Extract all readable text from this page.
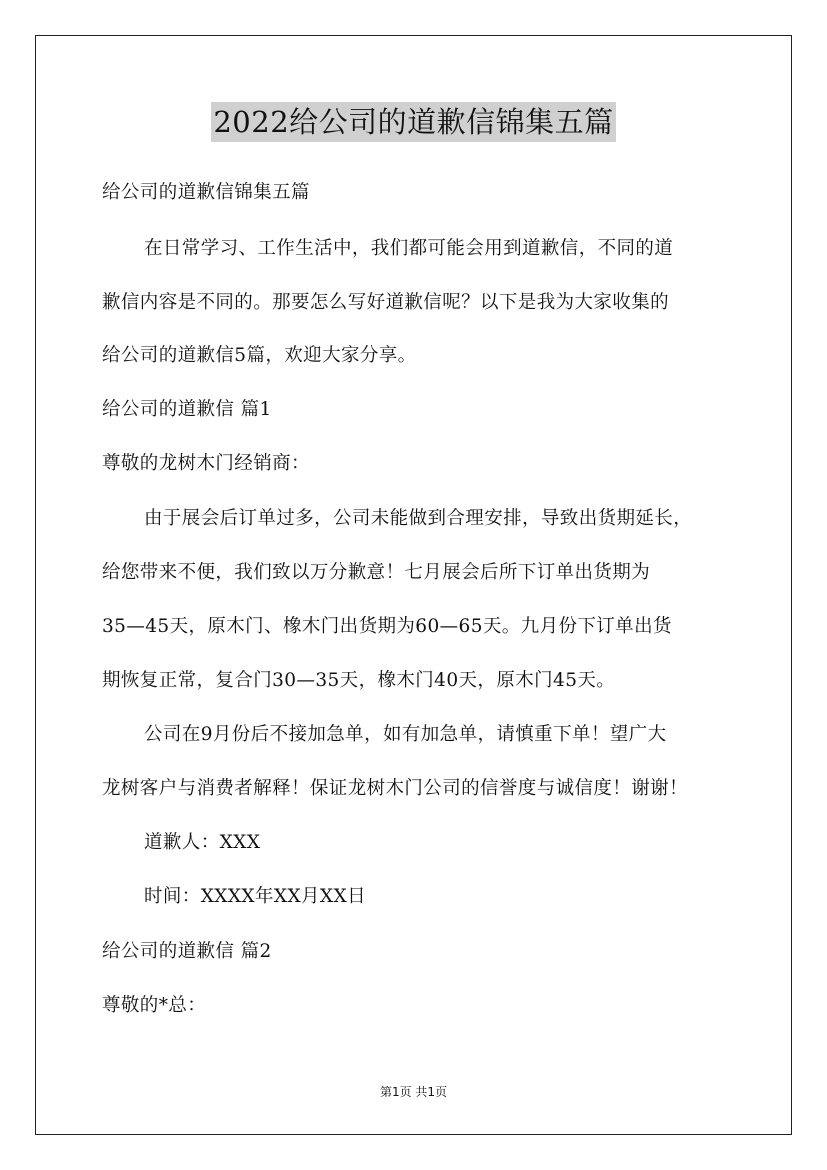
2022给公司的道歉信锦集五篇
给公司的道歉信锦集五篇
在日常学习、工作生活中，我们都可能会用到道歉信，不同的道
歉信内容是不同的。那要怎么写好道歉信呢？以下是我为大家收集的
给公司的道歉信5篇，欢迎大家分享。
给公司的道歉信 篇1
尊敬的龙树木门经销商：
由于展会后订单过多，公司未能做到合理安排，导致出货期延长，
给您带来不便，我们致以万分歉意！七月展会后所下订单出货期为
35—45天，原木门、橡木门出货期为60—65天。九月份下订单出货
期恢复正常，复合门30—35天，橡木门40天，原木门45天。
公司在9月份后不接加急单，如有加急单，请慎重下单！望广大
龙树客户与消费者解释！保证龙树木门公司的信誉度与诚信度！谢谢！
道歉人：XXX
时间：XXXX年XX月XX日
给公司的道歉信 篇2
尊敬的*总：
第1页 共1页
